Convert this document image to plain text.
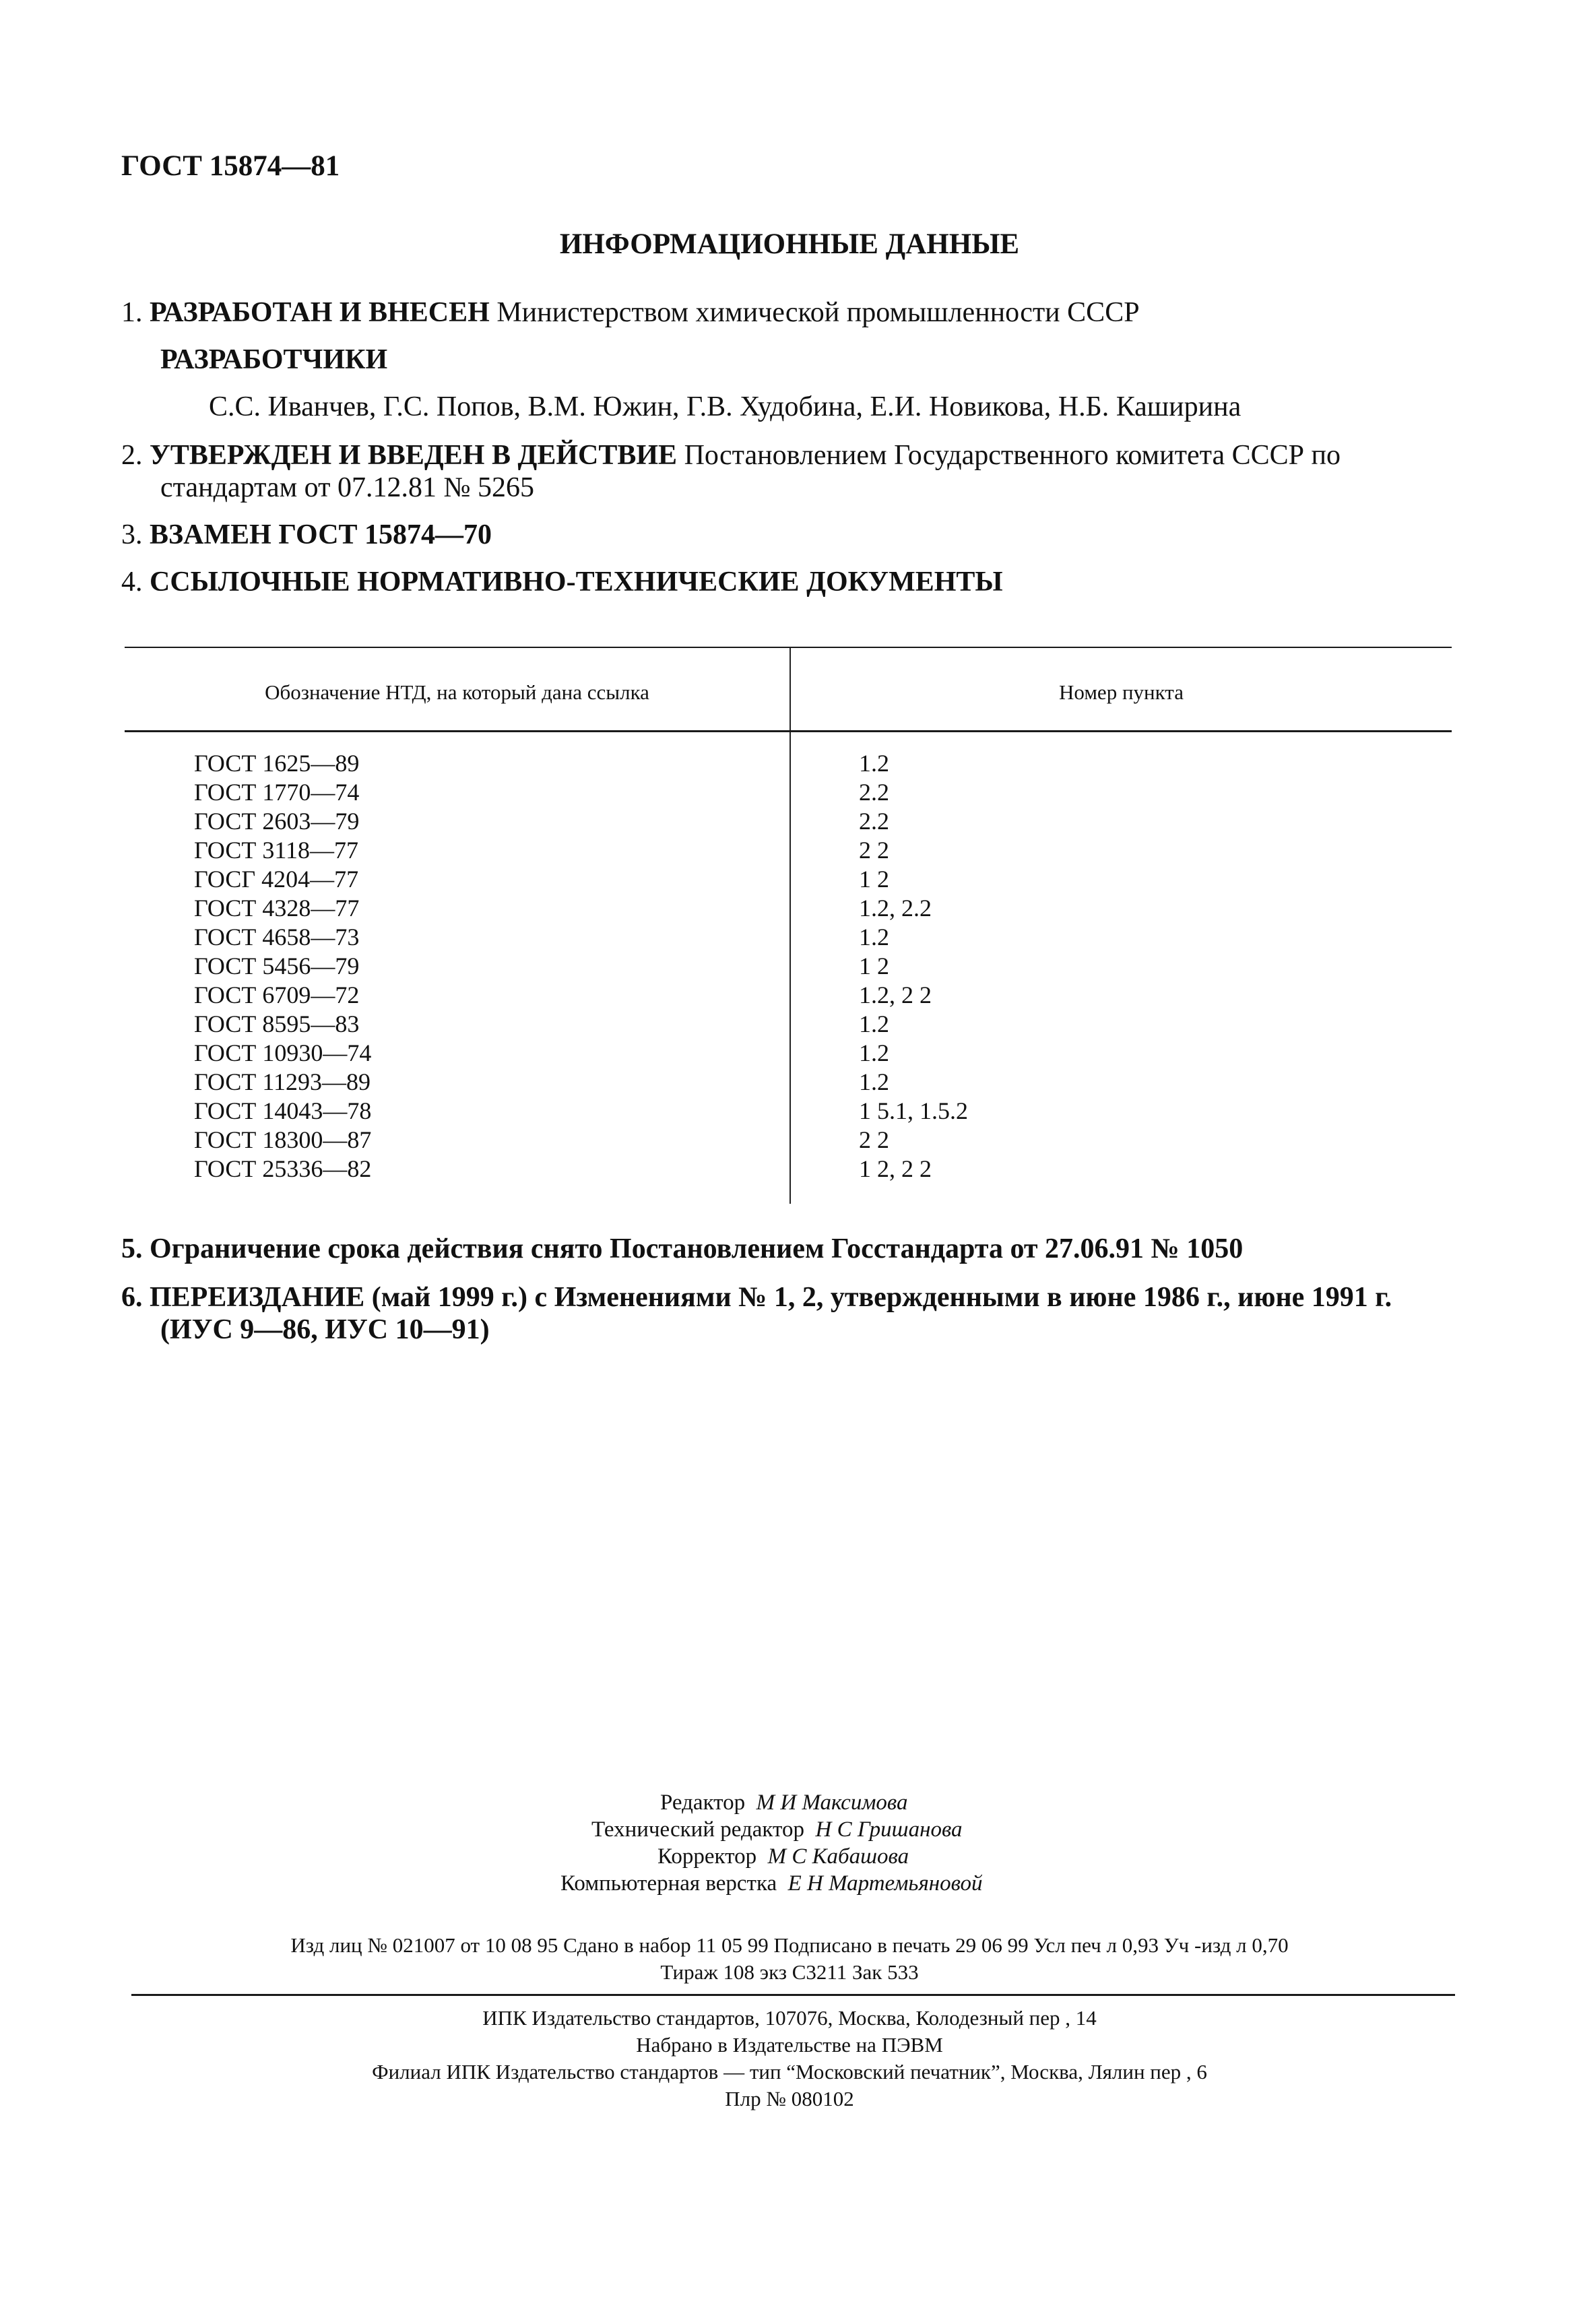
ГОСТ 15874—81
ИНФОРМАЦИОННЫЕ ДАННЫЕ
1. РАЗРАБОТАН И ВНЕСЕН Министерством химической промышленности СССР
РАЗРАБОТЧИКИ
С.С. Иванчев, Г.С. Попов, В.М. Южин, Г.В. Худобина, Е.И. Новикова, Н.Б. Каширина
2. УТВЕРЖДЕН И ВВЕДЕН В ДЕЙСТВИЕ Постановлением Государственного комитета СССР по
стандартам от 07.12.81 № 5265
3. ВЗАМЕН ГОСТ 15874—70
4. ССЫЛОЧНЫЕ НОРМАТИВНО-ТЕХНИЧЕСКИЕ ДОКУМЕНТЫ
Обозначение НТД, на который дана ссылка	Номер пункта
ГОСТ 1625—89	1.2
ГОСТ 1770—74	2.2
ГОСТ 2603—79	2.2
ГОСТ 3118—77	2 2
ГОСГ 4204—77	1 2
ГОСТ 4328—77	1.2, 2.2
ГОСТ 4658—73	1.2
ГОСТ 5456—79	1 2
ГОСТ 6709—72	1.2, 2 2
ГОСТ 8595—83	1.2
ГОСТ 10930—74	1.2
ГОСТ 11293—89	1.2
ГОСТ 14043—78	1 5.1, 1.5.2
ГОСТ 18300—87	2 2
ГОСТ 25336—82	1 2, 2 2
5. Ограничение срока действия снято Постановлением Госстандарта от 27.06.91 № 1050
6. ПЕРЕИЗДАНИЕ (май 1999 г.) с Изменениями № 1, 2, утвержденными в июне 1986 г., июне 1991 г.
(ИУС 9—86, ИУС 10—91)
Редактор М И Максимова
Технический редактор Н С Гришанова
Корректор М С Кабашова
Компьютерная верстка Е Н Мартемьяновой
Изд лиц № 021007 от 10 08 95 Сдано в набор 11 05 99 Подписано в печать 29 06 99 Усл печ л 0,93 Уч -изд л 0,70
Тираж 108 экз С3211 Зак 533
ИПК Издательство стандартов, 107076, Москва, Колодезный пер , 14
Набрано в Издательстве на ПЭВМ
Филиал ИПК Издательство стандартов — тип “Московский печатник”, Москва, Лялин пер , 6
Плр № 080102
